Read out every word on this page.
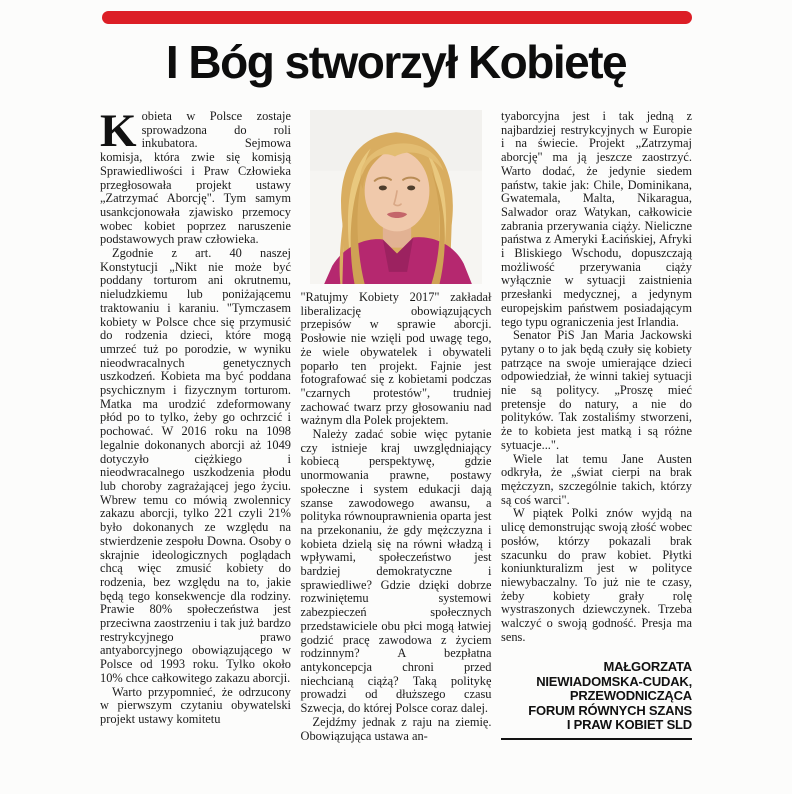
I Bóg stworzył Kobietę

Kobieta w Polsce zostaje sprowadzona do roli inkubatora. Sejmowa komisja, która zwie się komisją Sprawiedliwości i Praw Człowieka przegłosowała projekt ustawy „Zatrzymać Aborcję". Tym samym usankcjonowała zjawisko przemocy wobec kobiet poprzez naruszenie podstawowych praw człowieka.

Zgodnie z art. 40 naszej Konstytucji „Nikt nie może być poddany torturom ani okrutnemu, nieludzkiemu lub poniżającemu traktowaniu i karaniu. "Tymczasem kobiety w Polsce chce się przymusić do rodzenia dzieci, które mogą umrzeć tuż po porodzie, w wyniku nieodwracalnych genetycznych uszkodzeń. Kobieta ma być poddana psychicznym i fizycznym torturom. Matka ma urodzić zdeformowany płód po to tylko, żeby go ochrzcić i pochować. W 2016 roku na 1098 legalnie dokonanych aborcji aż 1049 dotyczyło ciężkiego i nieodwracalnego uszkodzenia płodu lub choroby zagrażającej jego życiu. Wbrew temu co mówią zwolennicy zakazu aborcji, tylko 221 czyli 21% było dokonanych ze względu na stwierdzenie zespołu Downa. Osoby o skrajnie ideologicznych poglądach chcą więc zmusić kobiety do rodzenia, bez względu na to, jakie będą tego konsekwencje dla rodziny. Prawie 80% społeczeństwa jest przeciwna zaostrzeniu i tak już bardzo restrykcyjnego prawo antyaborcyjnego obowiązującego w Polsce od 1993 roku. Tylko około 10% chce całkowitego zakazu aborcji.

Warto przypomnieć, że odrzucony w pierwszym czytaniu obywatelski projekt ustawy komitetu

"Ratujmy Kobiety 2017" zakładał liberalizację obowiązujących przepisów w sprawie aborcji. Posłowie nie wzięli pod uwagę tego, że wiele obywatelek i obywateli poparło ten projekt. Fajnie jest fotografować się z kobietami podczas "czarnych protestów", trudniej zachować twarz przy głosowaniu nad ważnym dla Polek projektem.

Należy zadać sobie więc pytanie czy istnieje kraj uwzględniający kobiecą perspektywę, gdzie unormowania prawne, postawy społeczne i system edukacji dają szanse zawodowego awansu, a polityka równouprawnienia oparta jest na przekonaniu, że gdy mężczyzna i kobieta dzielą się na równi władzą i wpływami, społeczeństwo jest bardziej demokratyczne i sprawiedliwe? Gdzie dzięki dobrze rozwiniętemu systemowi zabezpieczeń społecznych przedstawiciele obu płci mogą łatwiej godzić pracę zawodowa z życiem rodzinnym? A bezpłatna antykoncepcja chroni przed niechcianą ciążą? Taką politykę prowadzi od dłuższego czasu Szwecja, do której Polsce coraz dalej.

Zejdźmy jednak z raju na ziemię. Obowiązująca ustawa an-

tyaborcyjna jest i tak jedną z najbardziej restrykcyjnych w Europie i na świecie. Projekt „Zatrzymaj aborcję" ma ją jeszcze zaostrzyć. Warto dodać, że jedynie siedem państw, takie jak: Chile, Dominikana, Gwatemala, Malta, Nikaragua, Salwador oraz Watykan, całkowicie zabrania przerywania ciąży. Nieliczne państwa z Ameryki Łacińskiej, Afryki i Bliskiego Wschodu, dopuszczają możliwość przerywania ciąży wyłącznie w sytuacji zaistnienia przesłanki medycznej, a jedynym europejskim państwem posiadającym tego typu ograniczenia jest Irlandia.

Senator PiS Jan Maria Jackowski pytany o to jak będą czuły się kobiety patrzące na swoje umierające dzieci odpowiedział, że winni takiej sytuacji nie są politycy. „Proszę mieć pretensje do natury, a nie do polityków. Tak zostaliśmy stworzeni, że to kobieta jest matką i są różne sytuacje...".

Wiele lat temu Jane Austen odkryła, że „świat cierpi na brak mężczyzn, szczególnie takich, którzy są coś warci".

W piątek Polki znów wyjdą na ulicę demonstrując swoją złość wobec posłów, którzy pokazali brak szacunku do praw kobiet. Płytki koniunkturalizm jest w polityce niewybaczalny. To już nie te czasy, żeby kobiety grały rolę wystraszonych dziewczynek. Trzeba walczyć o swoją godność. Presja ma sens.

MAŁGORZATA
NIEWIADOMSKA-CUDAK,
PRZEWODNICZĄCA
FORUM RÓWNYCH SZANS
I PRAW KOBIET SLD
